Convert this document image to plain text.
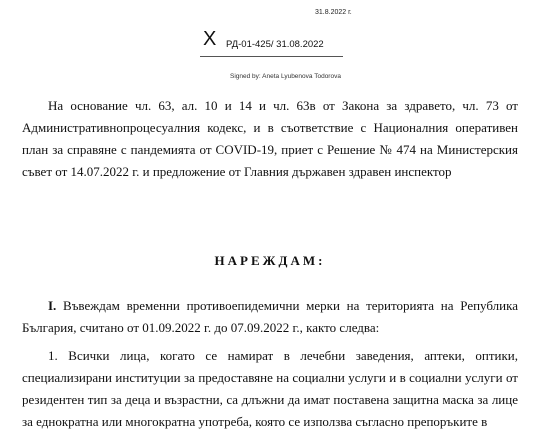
31.8.2022 г.
X РД-01-425/ 31.08.2022
Signed by: Aneta Lyubenova Todorova

На основание чл. 63, ал. 10 и 14 и чл. 63в от Закона за здравето, чл. 73 от Административнопроцесуалния кодекс, и в съответствие с Националния оперативен план за справяне с пандемията от COVID-19, приет с Решение № 474 на Министерския съвет от 14.07.2022 г. и предложение от Главния държавен здравен инспектор

НАРЕЖДАМ:

I. Въвеждам временни противоепидемични мерки на територията на Република България, считано от 01.09.2022 г. до 07.09.2022 г., както следва:

1. Всички лица, когато се намират в лечебни заведения, аптеки, оптики, специализирани институции за предоставяне на социални услуги и в социални услуги от резидентен тип за деца и възрастни, са длъжни да имат поставена защитна маска за лице за еднократна или многократна употреба, която се използва съгласно препоръките в
